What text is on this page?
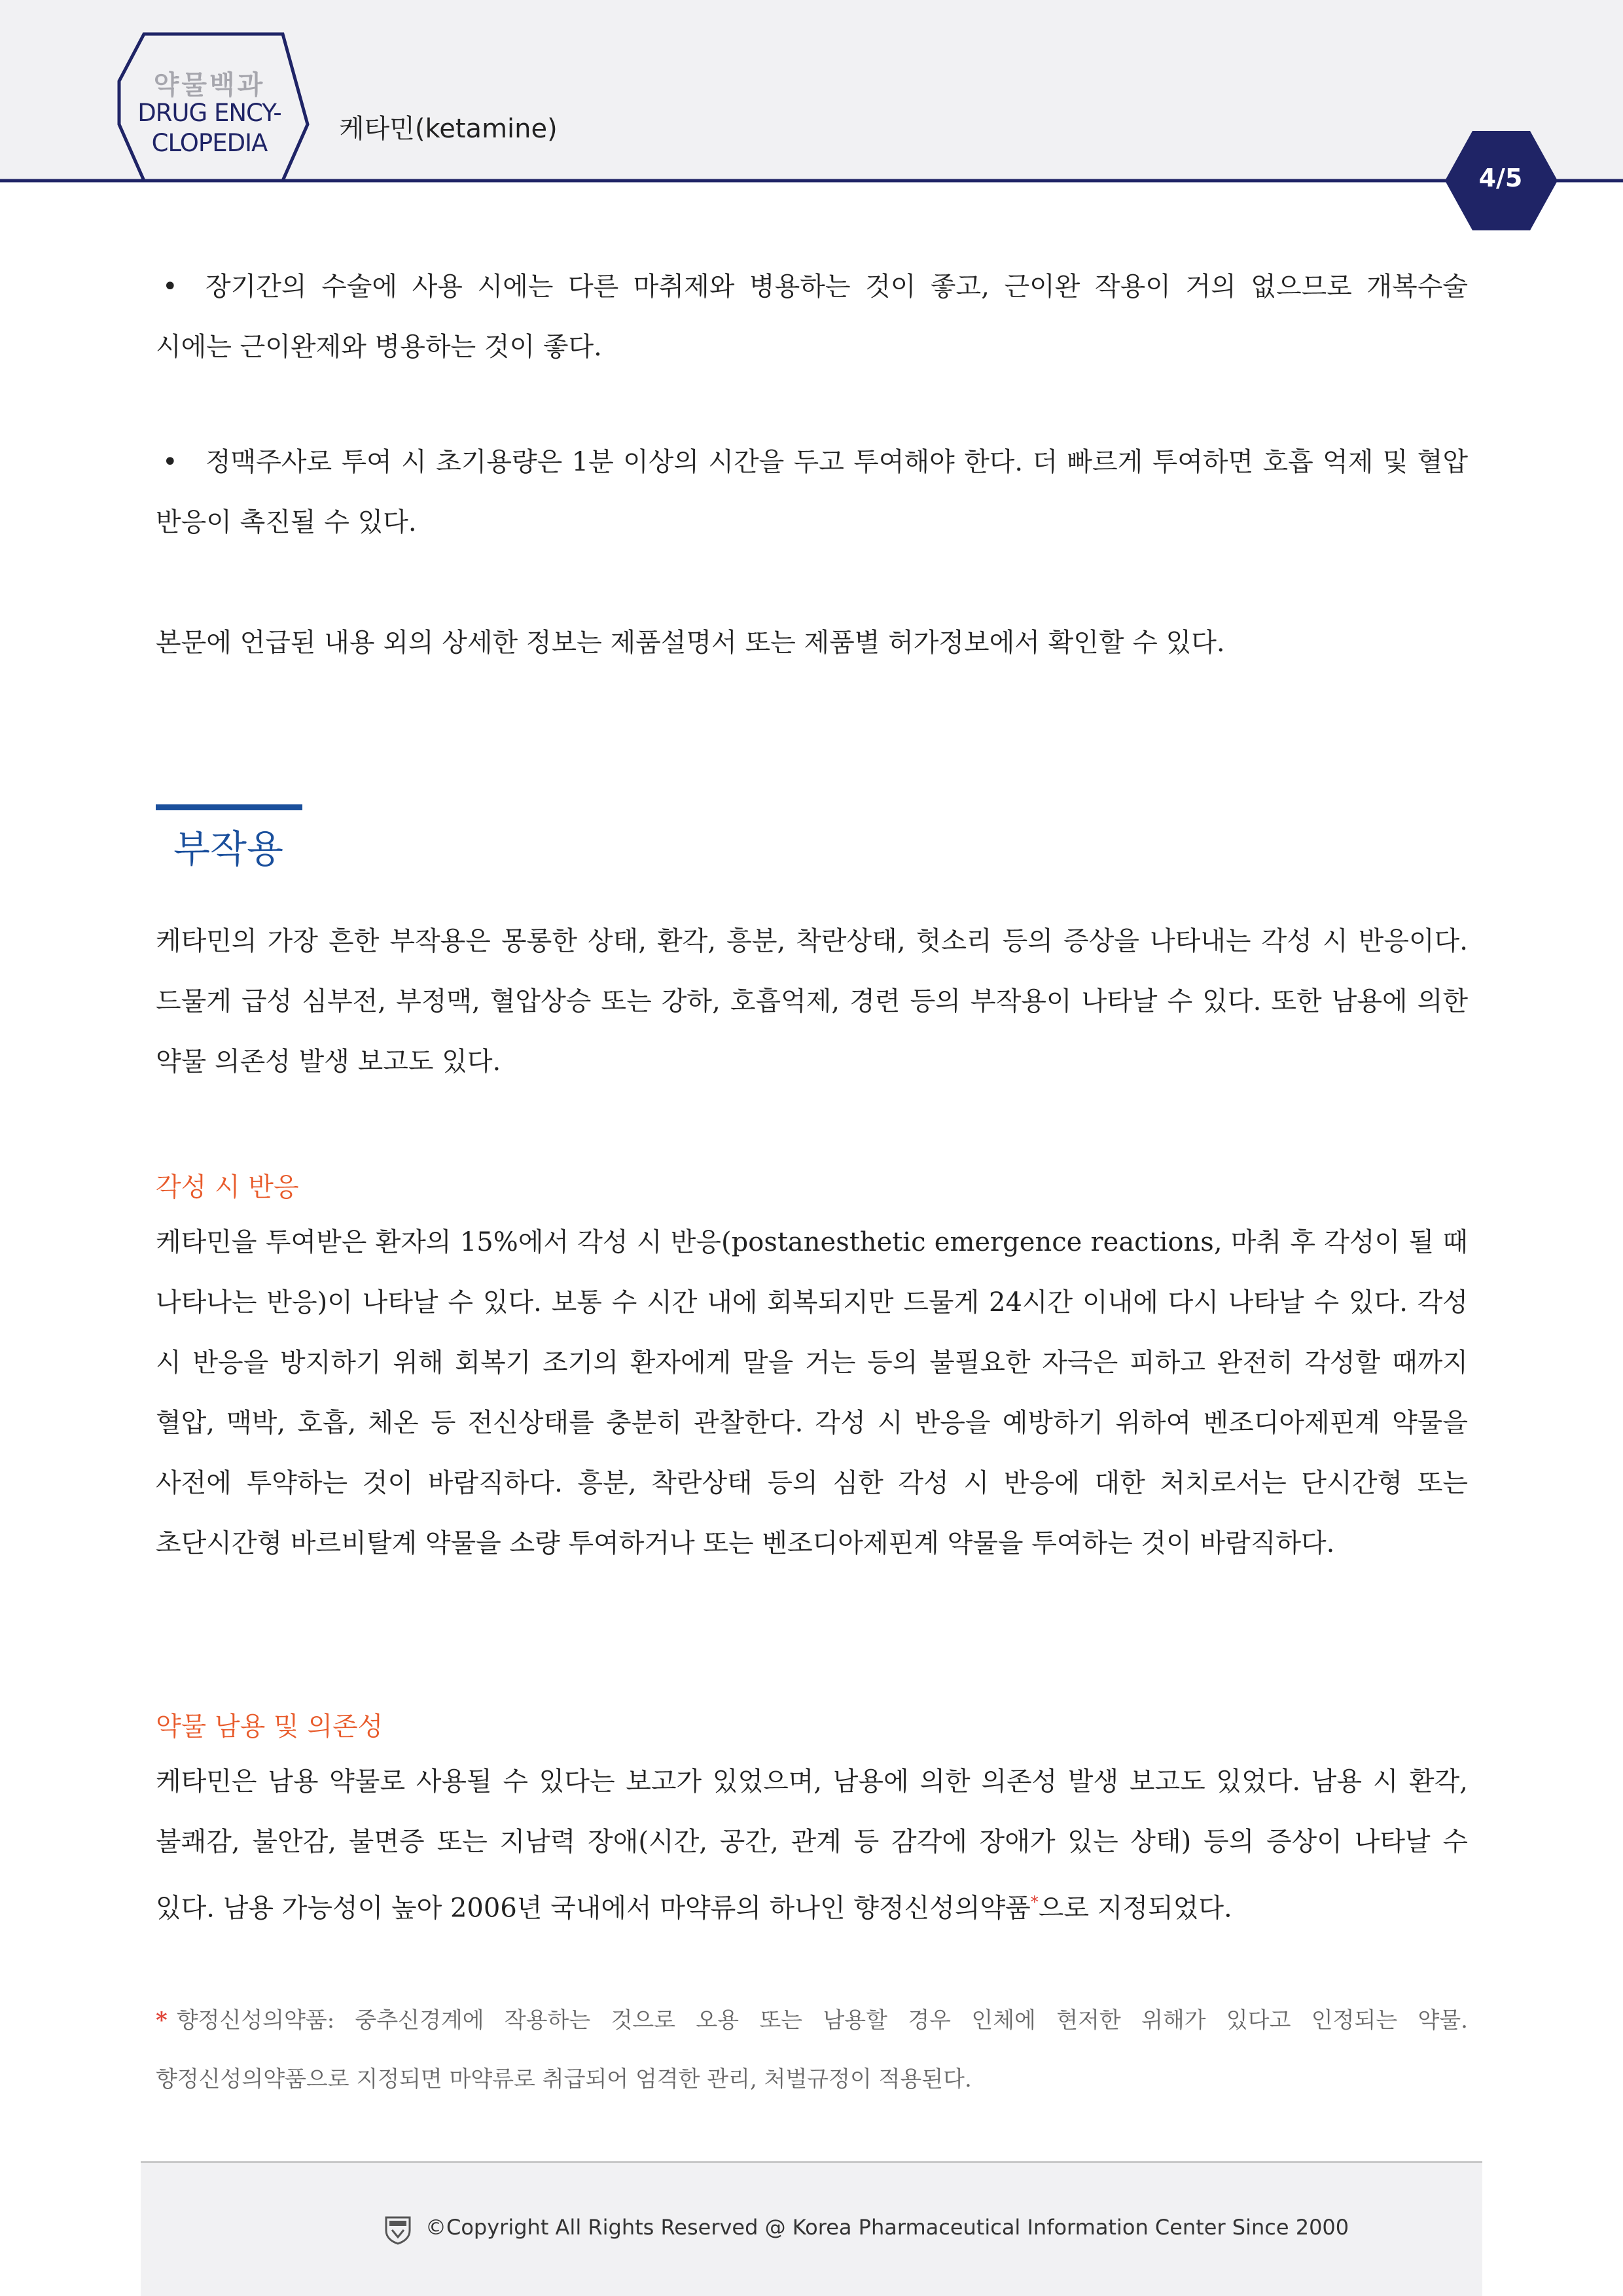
약물백과
DRUG ENCY-
CLOPEDIA	케타민(ketamine)
4/5

• 장기간의 수술에 사용 시에는 다른 마취제와 병용하는 것이 좋고, 근이완 작용이 거의 없으므로 개복수술 시에는 근이완제와 병용하는 것이 좋다.

• 정맥주사로 투여 시 초기용량은 1분 이상의 시간을 두고 투여해야 한다. 더 빠르게 투여하면 호흡 억제 및 혈압 반응이 촉진될 수 있다.

본문에 언급된 내용 외의 상세한 정보는 제품설명서 또는 제품별 허가정보에서 확인할 수 있다.

부작용

케타민의 가장 흔한 부작용은 몽롱한 상태, 환각, 흥분, 착란상태, 헛소리 등의 증상을 나타내는 각성 시 반응이다. 드물게 급성 심부전, 부정맥, 혈압상승 또는 강하, 호흡억제, 경련 등의 부작용이 나타날 수 있다. 또한 남용에 의한 약물 의존성 발생 보고도 있다.

각성 시 반응

케타민을 투여받은 환자의 15%에서 각성 시 반응(postanesthetic emergence reactions, 마취 후 각성이 될 때 나타나는 반응)이 나타날 수 있다. 보통 수 시간 내에 회복되지만 드물게 24시간 이내에 다시 나타날 수 있다. 각성 시 반응을 방지하기 위해 회복기 조기의 환자에게 말을 거는 등의 불필요한 자극은 피하고 완전히 각성할 때까지 혈압, 맥박, 호흡, 체온 등 전신상태를 충분히 관찰한다. 각성 시 반응을 예방하기 위하여 벤조디아제핀계 약물을 사전에 투약하는 것이 바람직하다. 흥분, 착란상태 등의 심한 각성 시 반응에 대한 처치로서는 단시간형 또는 초단시간형 바르비탈계 약물을 소량 투여하거나 또는 벤조디아제핀계 약물을 투여하는 것이 바람직하다.

약물 남용 및 의존성

케타민은 남용 약물로 사용될 수 있다는 보고가 있었으며, 남용에 의한 의존성 발생 보고도 있었다. 남용 시 환각, 불쾌감, 불안감, 불면증 또는 지남력 장애(시간, 공간, 관계 등 감각에 장애가 있는 상태) 등의 증상이 나타날 수 있다. 남용 가능성이 높아 2006년 국내에서 마약류의 하나인 향정신성의약품*으로 지정되었다.

* 향정신성의약품: 중추신경계에 작용하는 것으로 오용 또는 남용할 경우 인체에 현저한 위해가 있다고 인정되는 약물. 향정신성의약품으로 지정되면 마약류로 취급되어 엄격한 관리, 처벌규정이 적용된다.

©Copyright All Rights Reserved @ Korea Pharmaceutical Information Center Since 2000
